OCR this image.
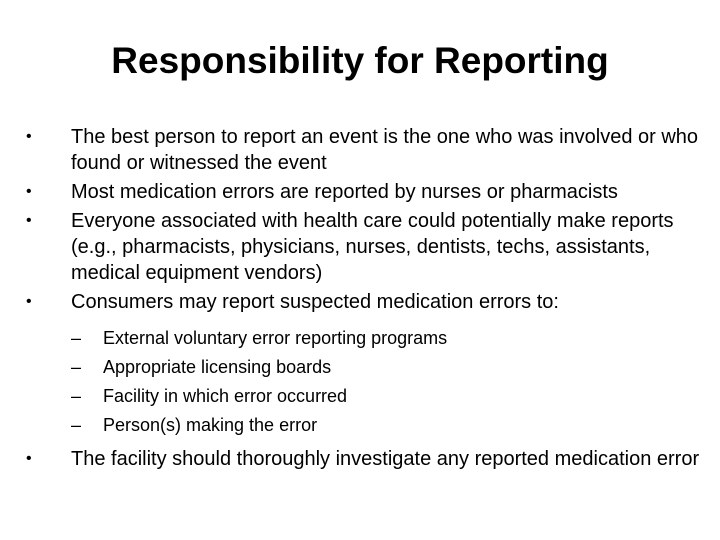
Responsibility for Reporting
•	The best person to report an event is the one who was involved or who found or witnessed the event
•	Most medication errors are reported by nurses or pharmacists
•	Everyone associated with health care could potentially make reports (e.g., pharmacists, physicians, nurses, dentists, techs, assistants, medical equipment vendors)
•	Consumers may report suspected medication errors to:
– External voluntary error reporting programs
– Appropriate licensing boards
– Facility in which error occurred
– Person(s) making the error
•	The facility should thoroughly investigate any reported medication error
